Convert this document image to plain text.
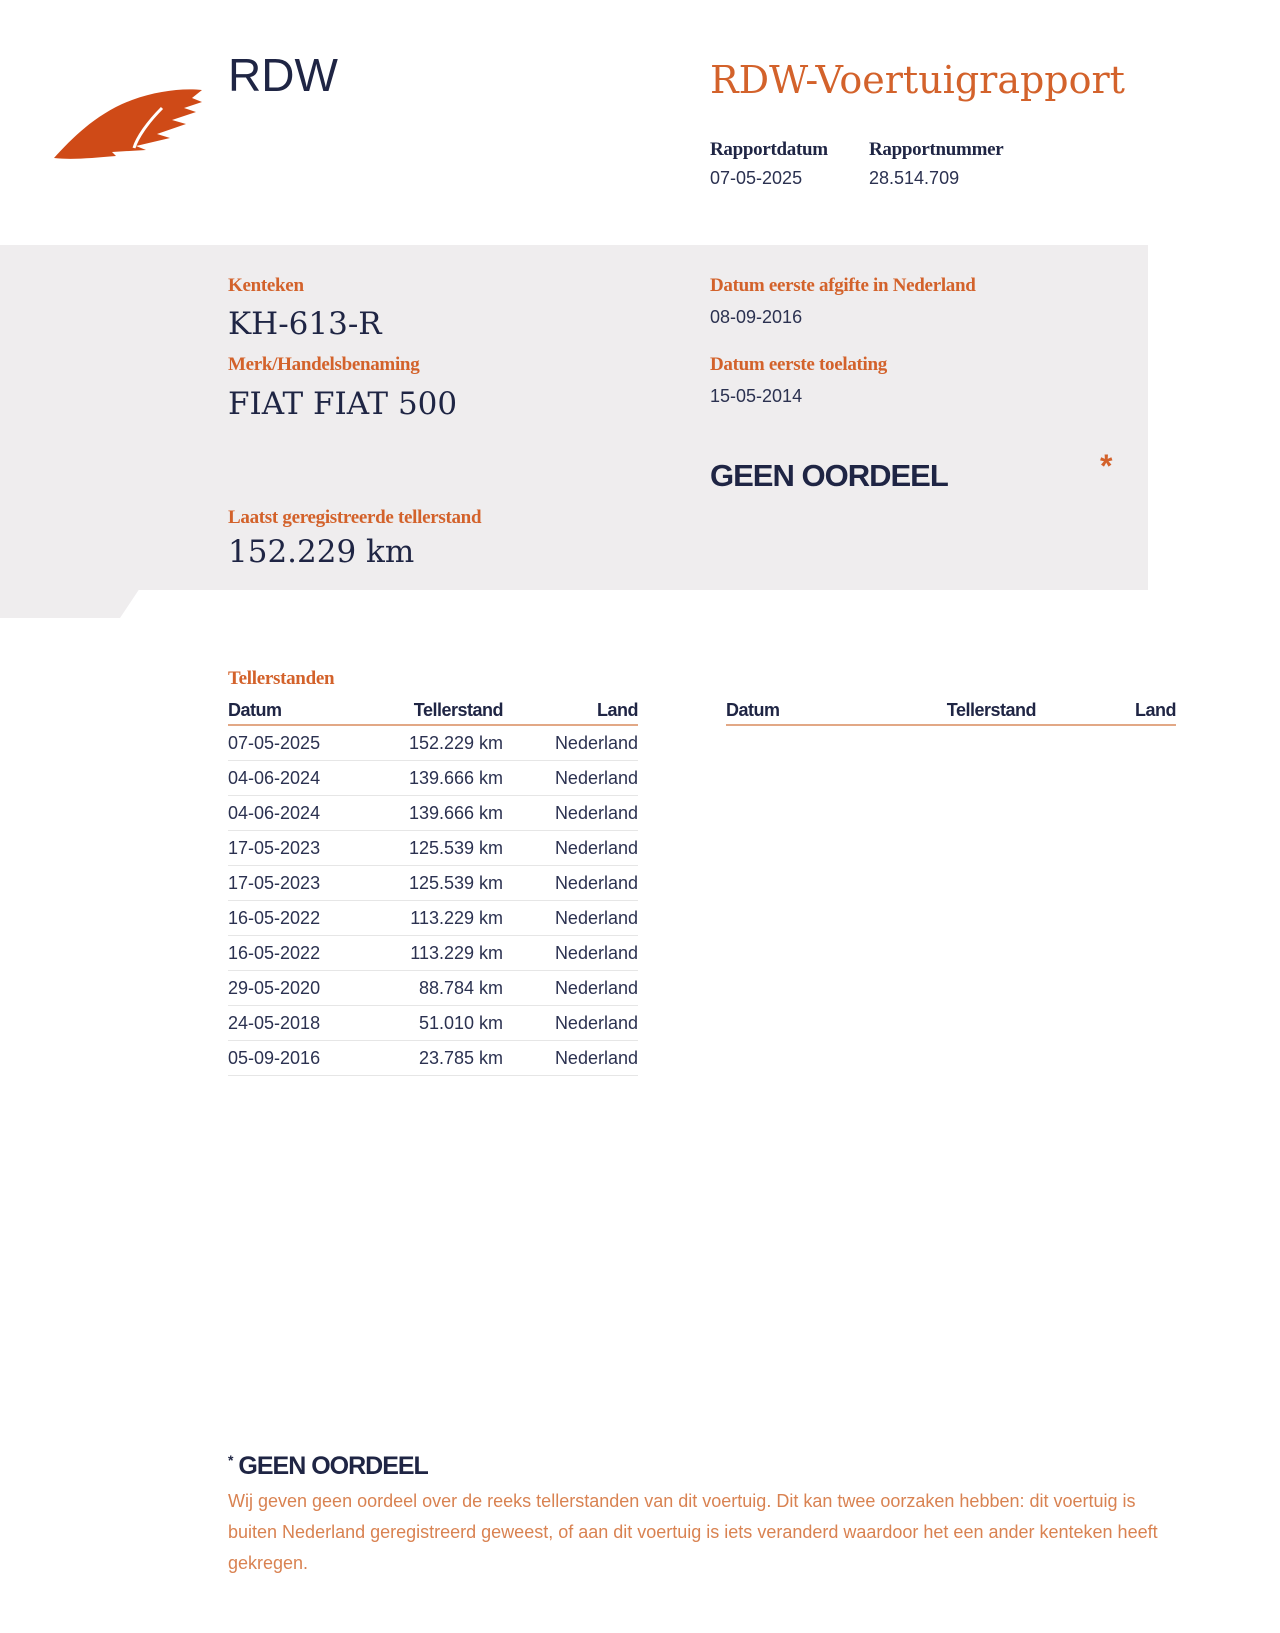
RDW	RDW-Voertuigrapport
Rapportdatum
07-05-2025
Rapportnummer
28.514.709
Kenteken
KH-613-R
Merk/Handelsbenaming
FIAT FIAT 500
Datum eerste afgifte in Nederland
08-09-2016
Datum eerste toelating
15-05-2014
GEEN OORDEEL	*
Laatst geregistreerde tellerstand
152.229 km
Tellerstanden
Datum	Tellerstand	Land
07-05-2025	152.229 km	Nederland
04-06-2024	139.666 km	Nederland
04-06-2024	139.666 km	Nederland
17-05-2023	125.539 km	Nederland
17-05-2023	125.539 km	Nederland
16-05-2022	113.229 km	Nederland
16-05-2022	113.229 km	Nederland
29-05-2020	88.784 km	Nederland
24-05-2018	51.010 km	Nederland
05-09-2016	23.785 km	Nederland
Datum	Tellerstand	Land
* GEEN OORDEEL
Wij geven geen oordeel over de reeks tellerstanden van dit voertuig. Dit kan twee oorzaken hebben: dit voertuig is buiten Nederland geregistreerd geweest, of aan dit voertuig is iets veranderd waardoor het een ander kenteken heeft gekregen.
